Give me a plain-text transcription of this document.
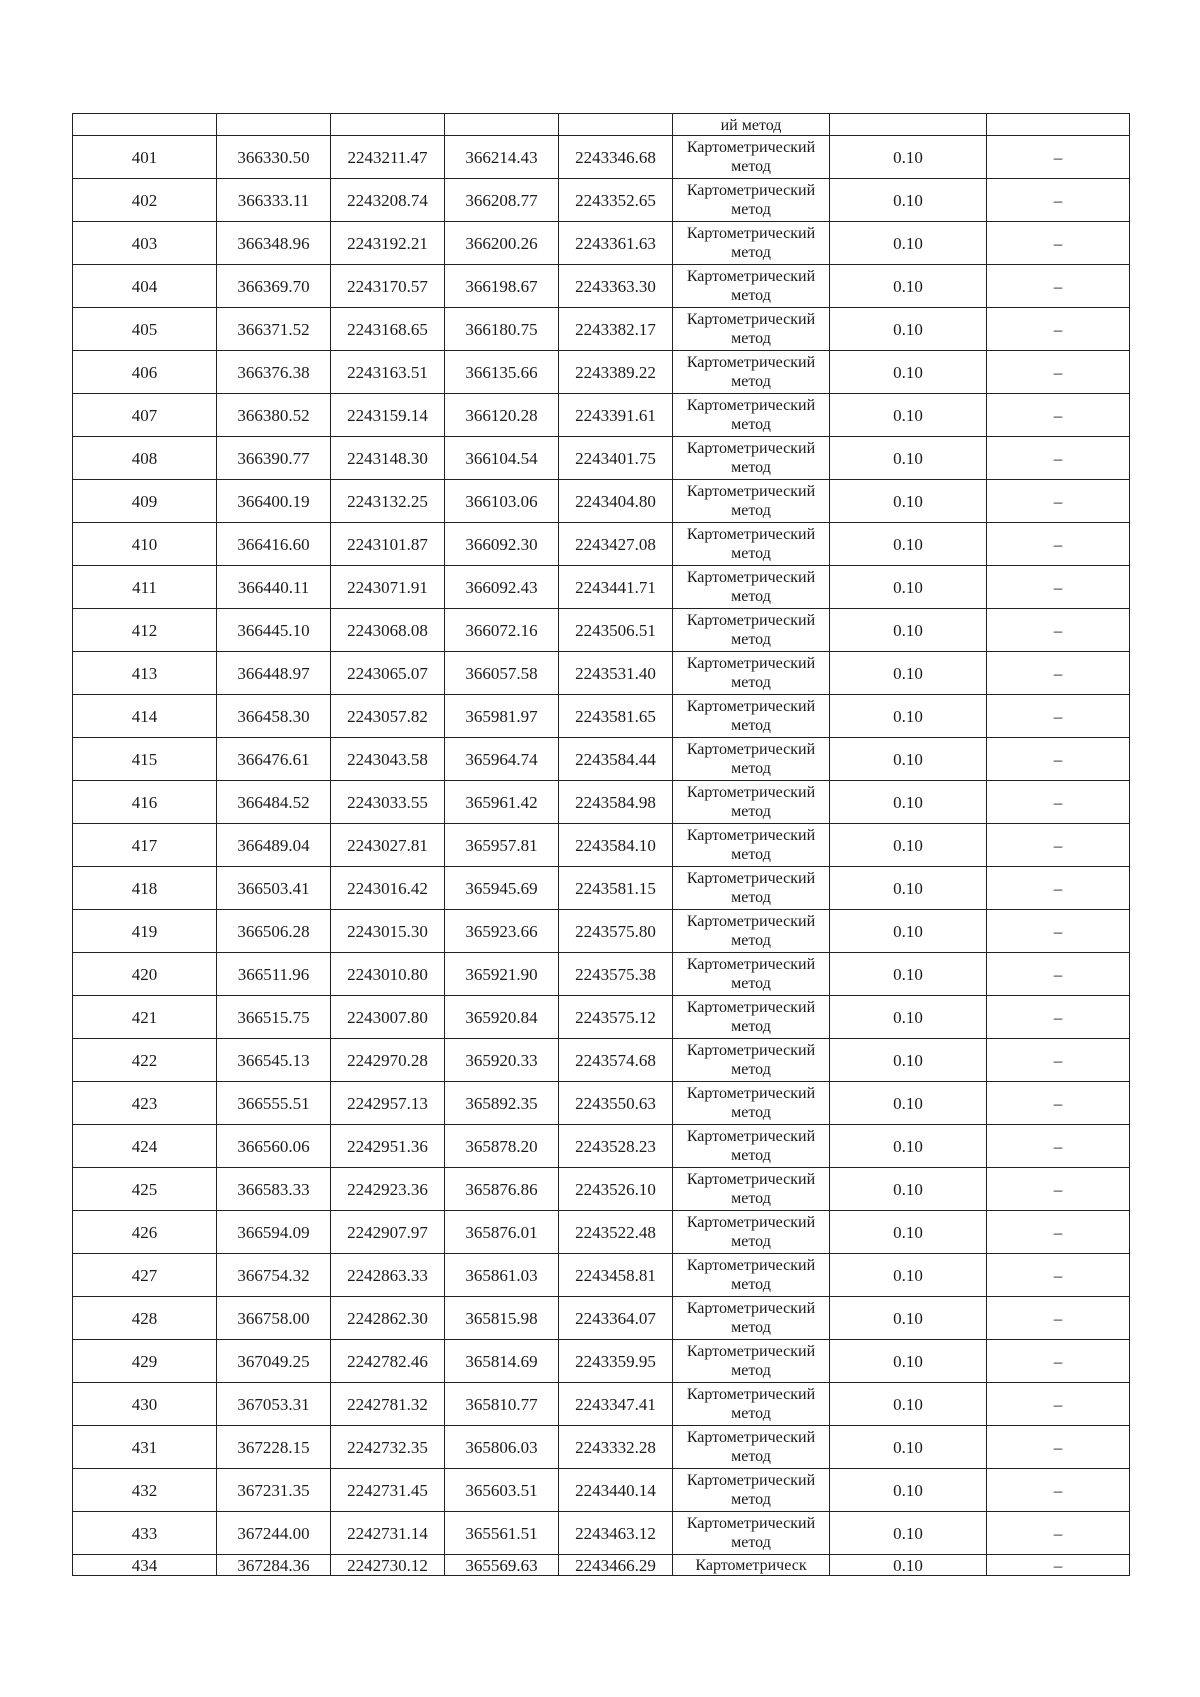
					ий метод		
401	366330.50	2243211.47	366214.43	2243346.68	Картометрический метод	0.10	–
402	366333.11	2243208.74	366208.77	2243352.65	Картометрический метод	0.10	–
403	366348.96	2243192.21	366200.26	2243361.63	Картометрический метод	0.10	–
404	366369.70	2243170.57	366198.67	2243363.30	Картометрический метод	0.10	–
405	366371.52	2243168.65	366180.75	2243382.17	Картометрический метод	0.10	–
406	366376.38	2243163.51	366135.66	2243389.22	Картометрический метод	0.10	–
407	366380.52	2243159.14	366120.28	2243391.61	Картометрический метод	0.10	–
408	366390.77	2243148.30	366104.54	2243401.75	Картометрический метод	0.10	–
409	366400.19	2243132.25	366103.06	2243404.80	Картометрический метод	0.10	–
410	366416.60	2243101.87	366092.30	2243427.08	Картометрический метод	0.10	–
411	366440.11	2243071.91	366092.43	2243441.71	Картометрический метод	0.10	–
412	366445.10	2243068.08	366072.16	2243506.51	Картометрический метод	0.10	–
413	366448.97	2243065.07	366057.58	2243531.40	Картометрический метод	0.10	–
414	366458.30	2243057.82	365981.97	2243581.65	Картометрический метод	0.10	–
415	366476.61	2243043.58	365964.74	2243584.44	Картометрический метод	0.10	–
416	366484.52	2243033.55	365961.42	2243584.98	Картометрический метод	0.10	–
417	366489.04	2243027.81	365957.81	2243584.10	Картометрический метод	0.10	–
418	366503.41	2243016.42	365945.69	2243581.15	Картометрический метод	0.10	–
419	366506.28	2243015.30	365923.66	2243575.80	Картометрический метод	0.10	–
420	366511.96	2243010.80	365921.90	2243575.38	Картометрический метод	0.10	–
421	366515.75	2243007.80	365920.84	2243575.12	Картометрический метод	0.10	–
422	366545.13	2242970.28	365920.33	2243574.68	Картометрический метод	0.10	–
423	366555.51	2242957.13	365892.35	2243550.63	Картометрический метод	0.10	–
424	366560.06	2242951.36	365878.20	2243528.23	Картометрический метод	0.10	–
425	366583.33	2242923.36	365876.86	2243526.10	Картометрический метод	0.10	–
426	366594.09	2242907.97	365876.01	2243522.48	Картометрический метод	0.10	–
427	366754.32	2242863.33	365861.03	2243458.81	Картометрический метод	0.10	–
428	366758.00	2242862.30	365815.98	2243364.07	Картометрический метод	0.10	–
429	367049.25	2242782.46	365814.69	2243359.95	Картометрический метод	0.10	–
430	367053.31	2242781.32	365810.77	2243347.41	Картометрический метод	0.10	–
431	367228.15	2242732.35	365806.03	2243332.28	Картометрический метод	0.10	–
432	367231.35	2242731.45	365603.51	2243440.14	Картометрический метод	0.10	–
433	367244.00	2242731.14	365561.51	2243463.12	Картометрический метод	0.10	–
434	367284.36	2242730.12	365569.63	2243466.29	Картометрическ	0.10	–
